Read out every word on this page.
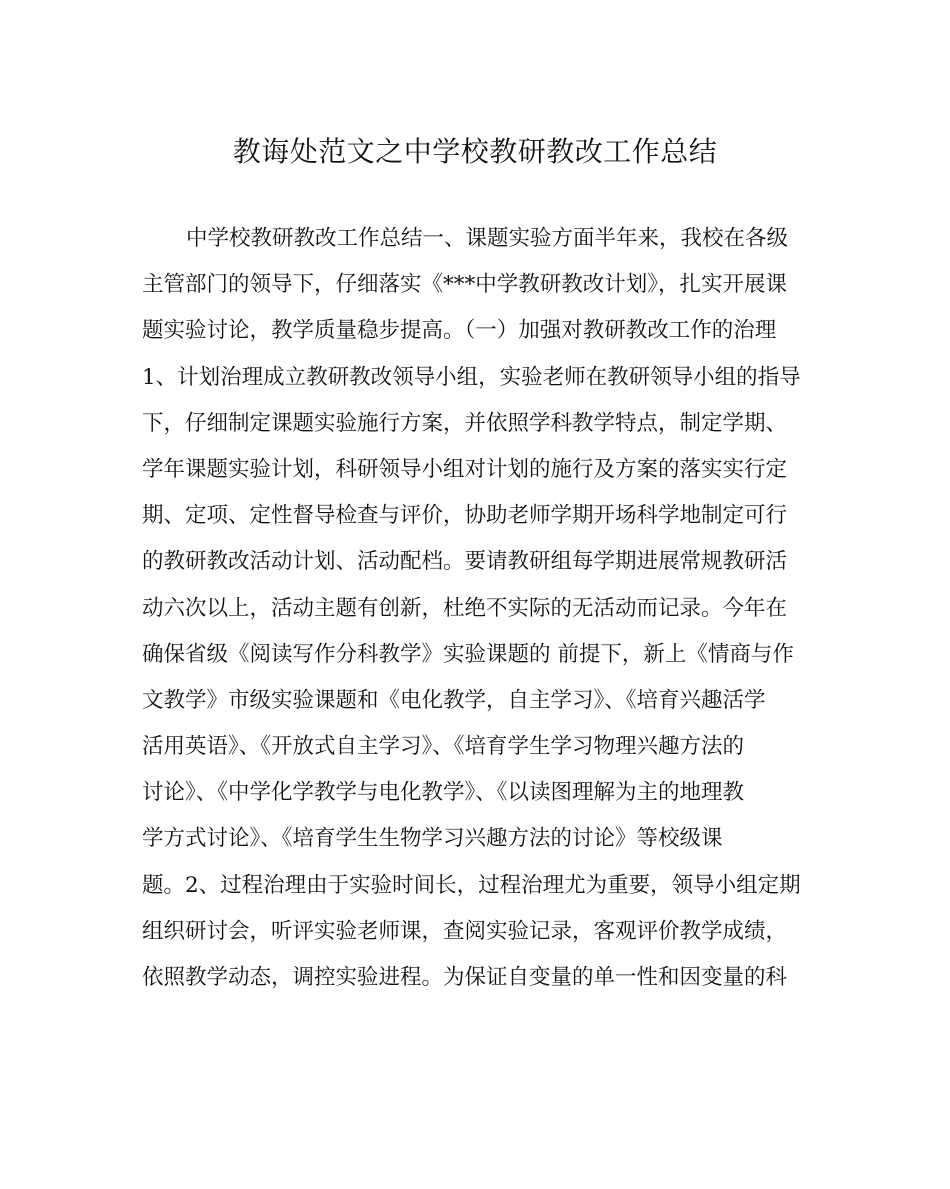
教诲处范文之中学校教研教改工作总结
中学校教研教改工作总结一、课题实验方面半年来，我校在各级
主管部门的领导下，仔细落实《***中学教研教改计划》，扎实开展课
题实验讨论，教学质量稳步提高。（一）加强对教研教改工作的治理
1、计划治理成立教研教改领导小组，实验老师在教研领导小组的指导
下，仔细制定课题实验施行方案，并依照学科教学特点，制定学期、
学年课题实验计划，科研领导小组对计划的施行及方案的落实实行定
期、定项、定性督导检查与评价，协助老师学期开场科学地制定可行
的教研教改活动计划、活动配档。要请教研组每学期进展常规教研活
动六次以上，活动主题有创新，杜绝不实际的无活动而记录。今年在
确保省级《阅读写作分科教学》实验课题的 前提下，新上《情商与作
文教学》市级实验课题和《电化教学，自主学习》、《培育兴趣活学
活用英语》、《开放式自主学习》、《培育学生学习物理兴趣方法的
讨论》、《中学化学教学与电化教学》、《以读图理解为主的地理教
学方式讨论》、《培育学生生物学习兴趣方法的讨论》等校级课
题。2、过程治理由于实验时间长，过程治理尤为重要，领导小组定期
组织研讨会，听评实验老师课，查阅实验记录，客观评价教学成绩，
依照教学动态，调控实验进程。为保证自变量的单一性和因变量的科
